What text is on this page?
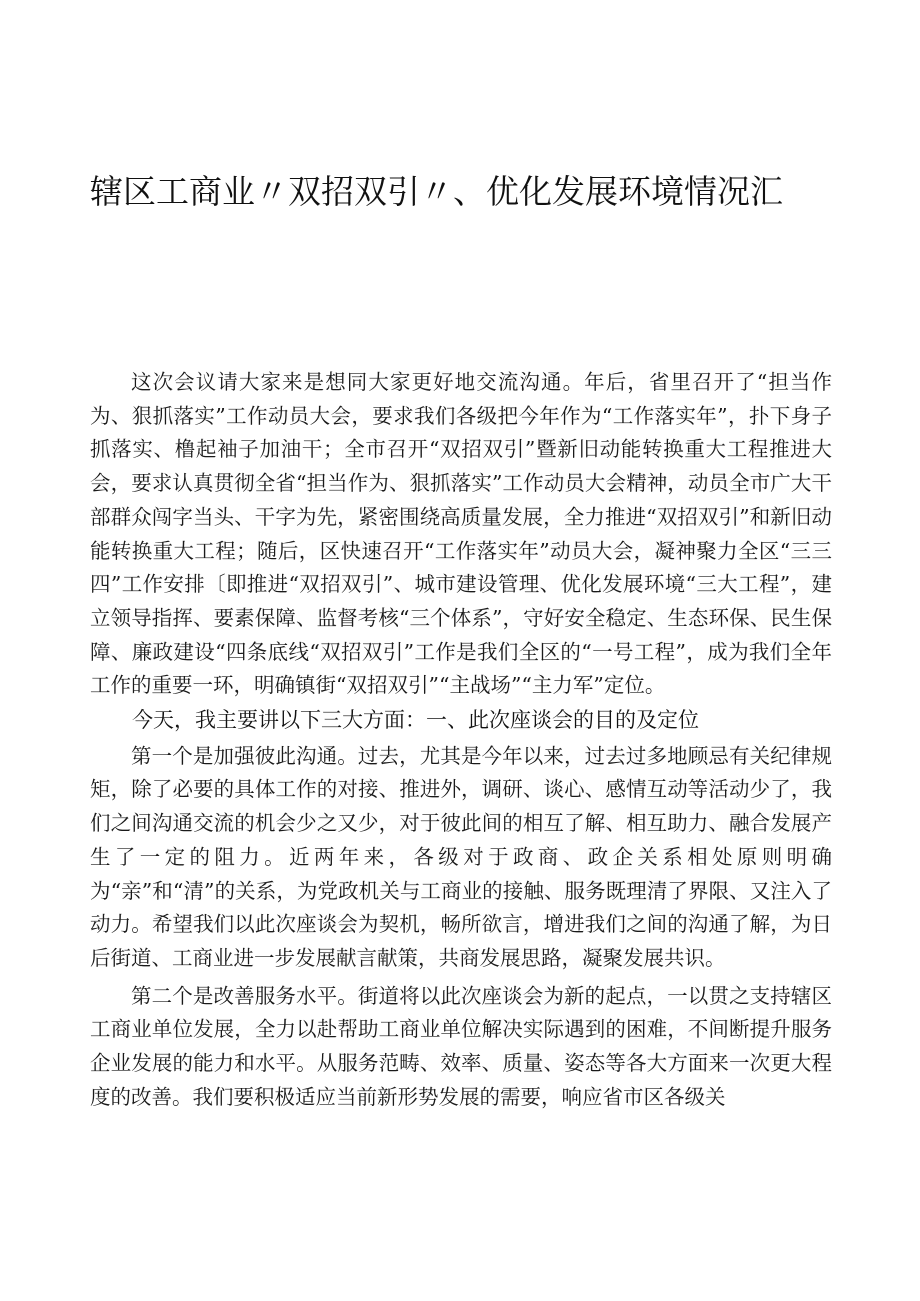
辖区工商业〃双招双引〃、优化发展环境情况汇

这次会议请大家来是想同大家更好地交流沟通。年后，省里召开了“担当作为、狠抓落实”工作动员大会，要求我们各级把今年作为“工作落实年”，扑下身子抓落实、橹起袖子加油干；全市召开“双招双引”暨新旧动能转换重大工程推进大会，要求认真贯彻全省“担当作为、狠抓落实”工作动员大会精神，动员全市广大干部群众闯字当头、干字为先，紧密围绕高质量发展，全力推进“双招双引”和新旧动能转换重大工程；随后，区快速召开“工作落实年”动员大会，凝神聚力全区“三三四”工作安排〔即推进“双招双引”、城市建设管理、优化发展环境“三大工程”，建立领导指挥、要素保障、监督考核“三个体系”，守好安全稳定、生态环保、民生保障、廉政建设“四条底线“双招双引”工作是我们全区的“一号工程”，成为我们全年工作的重要一环，明确镇街“双招双引”“主战场”“主力军”定位。

今天，我主要讲以下三大方面：一、此次座谈会的目的及定位

第一个是加强彼此沟通。过去，尤其是今年以来，过去过多地顾忌有关纪律规矩，除了必要的具体工作的对接、推进外，调研、谈心、感情互动等活动少了，我们之间沟通交流的机会少之又少，对于彼此间的相互了解、相互助力、融合发展产生了一定的阻力。近两年来，各级对于政商、政企关系相处原则明确为“亲”和“清”的关系，为党政机关与工商业的接触、服务既理清了界限、又注入了动力。希望我们以此次座谈会为契机，畅所欲言，增进我们之间的沟通了解，为日后街道、工商业进一步发展献言献策，共商发展思路，凝聚发展共识。

第二个是改善服务水平。街道将以此次座谈会为新的起点，一以贯之支持辖区工商业单位发展，全力以赴帮助工商业单位解决实际遇到的困难，不间断提升服务企业发展的能力和水平。从服务范畴、效率、质量、姿态等各大方面来一次更大程度的改善。我们要积极适应当前新形势发展的需要，响应省市区各级关
